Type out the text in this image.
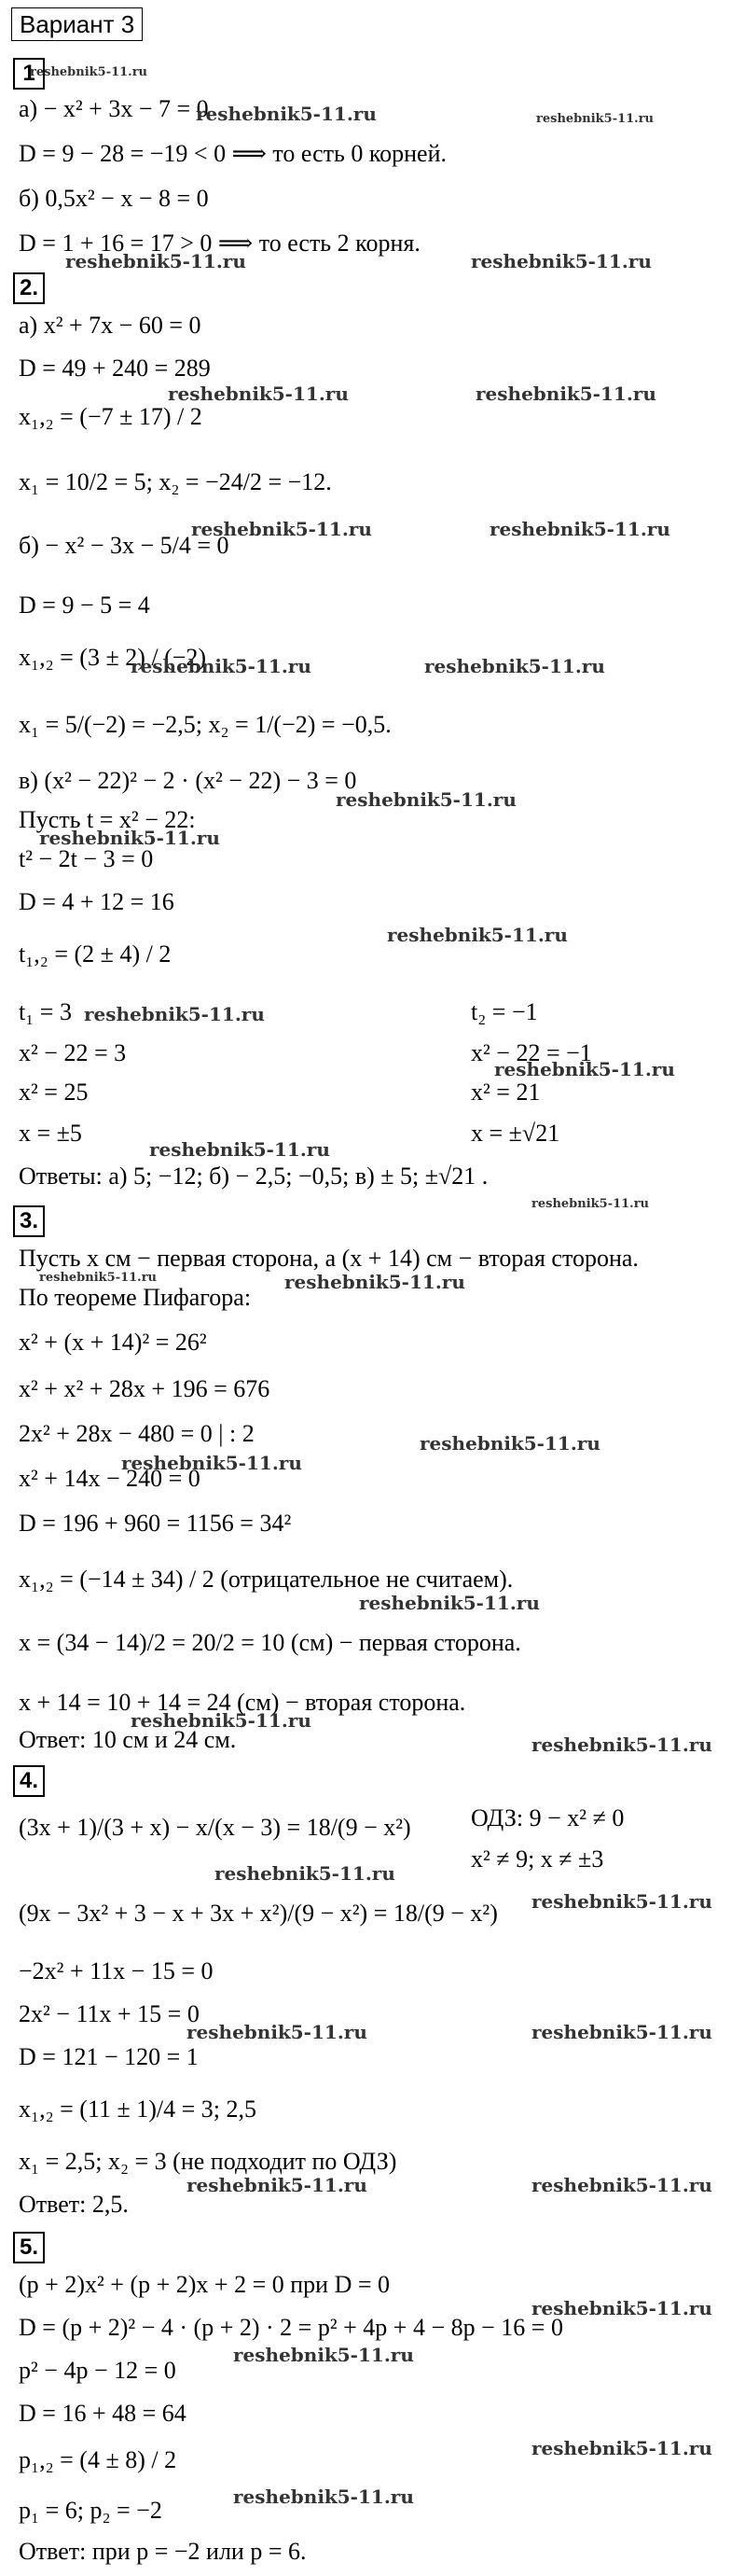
Вариант 3
1
а) − x² + 3x − 7 = 0
D = 9 − 28 = −19 < 0 ⟹ то есть 0 корней.
б) 0,5x² − x − 8 = 0
D = 1 + 16 = 17 > 0 ⟹ то есть 2 корня.
2.
а) x² + 7x − 60 = 0
D = 49 + 240 = 289
x₁,₂ = (−7 ± 17) / 2
x₁ = 10/2 = 5; x₂ = −24/2 = −12.
б) − x² − 3x − 5/4 = 0
D = 9 − 5 = 4
x₁,₂ = (3 ± 2) / (−2)
x₁ = 5/(−2) = −2,5; x₂ = 1/(−2) = −0,5.
в) (x² − 22)² − 2 · (x² − 22) − 3 = 0
Пусть t = x² − 22:
t² − 2t − 3 = 0
D = 4 + 12 = 16
t₁,₂ = (2 ± 4) / 2
t₁ = 3	t₂ = −1
x² − 22 = 3	x² − 22 = −1
x² = 25	x² = 21
x = ±5	x = ±√21
Ответы: а) 5; −12; б) − 2,5; −0,5; в) ± 5; ±√21 .
3.
Пусть x см − первая сторона, а (x + 14) см − вторая сторона.
По теореме Пифагора:
x² + (x + 14)² = 26²
x² + x² + 28x + 196 = 676
2x² + 28x − 480 = 0 | : 2
x² + 14x − 240 = 0
D = 196 + 960 = 1156 = 34²
x₁,₂ = (−14 ± 34) / 2 (отрицательное не считаем).
x = (34 − 14)/2 = 20/2 = 10 (см) − первая сторона.
x + 14 = 10 + 14 = 24 (см) − вторая сторона.
Ответ: 10 см и 24 см.
4.
(3x + 1)/(3 + x) − x/(x − 3) = 18/(9 − x²) ОДЗ: 9 − x² ≠ 0
x² ≠ 9; x ≠ ±3
(9x − 3x² + 3 − x + 3x + x²)/(9 − x²) = 18/(9 − x²)
−2x² + 11x − 15 = 0
2x² − 11x + 15 = 0
D = 121 − 120 = 1
x₁,₂ = (11 ± 1)/4 = 3; 2,5
x₁ = 2,5; x₂ = 3 (не подходит по ОДЗ)
Ответ: 2,5.
5.
(p + 2)x² + (p + 2)x + 2 = 0 при D = 0
D = (p + 2)² − 4 · (p + 2) · 2 = p² + 4p + 4 − 8p − 16 = 0
p² − 4p − 12 = 0
D = 16 + 48 = 64
p₁,₂ = (4 ± 8) / 2
p₁ = 6; p₂ = −2
Ответ: при p = −2 или p = 6.
reshebnik5-11.ru
reshebnik5-11.ru	reshebnik5-11.ru
reshebnik5-11.ru	reshebnik5-11.ru
reshebnik5-11.ru	reshebnik5-11.ru
reshebnik5-11.ru	reshebnik5-11.ru
reshebnik5-11.ru	reshebnik5-11.ru
reshebnik5-11.ru
reshebnik5-11.ru
reshebnik5-11.ru
reshebnik5-11.ru
reshebnik5-11.ru
reshebnik5-11.ru
reshebnik5-11.ru
reshebnik5-11.ru	reshebnik5-11.ru
reshebnik5-11.ru
reshebnik5-11.ru
reshebnik5-11.ru
reshebnik5-11.ru
reshebnik5-11.ru
reshebnik5-11.ru
reshebnik5-11.ru
reshebnik5-11.ru	reshebnik5-11.ru
reshebnik5-11.ru	reshebnik5-11.ru
reshebnik5-11.ru
reshebnik5-11.ru
reshebnik5-11.ru
reshebnik5-11.ru
